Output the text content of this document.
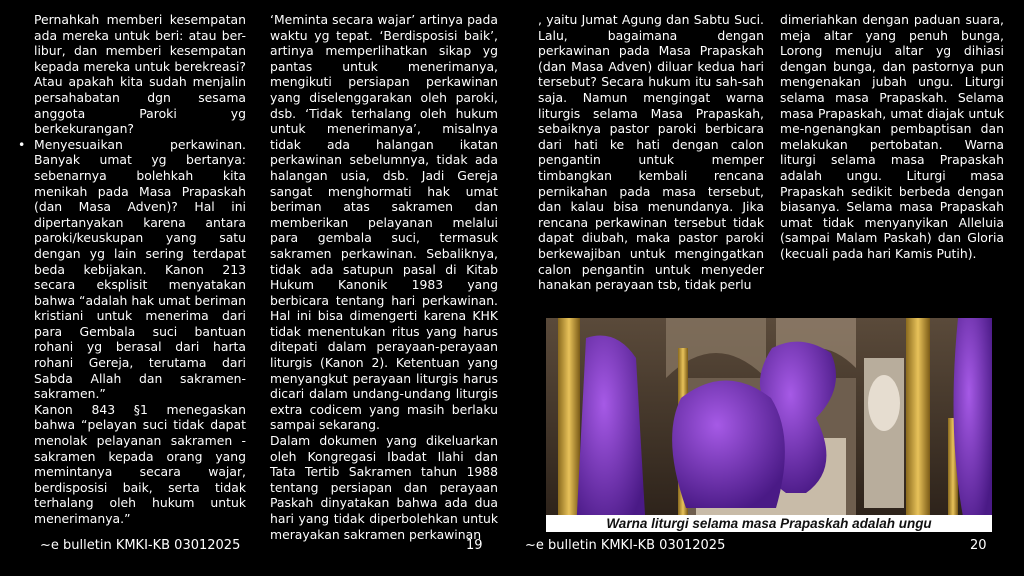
Pernahkah memberi kesempatan ada mereka untuk beri: atau ber-libur, dan memberi kesempatan kepada mereka untuk berekreasi? Atau apakah kita sudah menjalin persahabatan dgn sesama anggota Paroki yg berkekurangan?

• Menyesuaikan perkawinan. Banyak umat yg bertanya: sebenarnya bolehkah kita menikah pada Masa Prapaskah (dan Masa Adven)? Hal ini dipertanyakan karena antara paroki/keuskupan yang satu dengan yg lain sering terdapat beda kebijakan. Kanon 213 secara eksplisit menyatakan bahwa “adalah hak umat beriman kristiani untuk menerima dari para Gembala suci bantuan rohani yg berasal dari harta rohani Gereja, terutama dari Sabda Allah dan sakramen-sakramen.”

Kanon 843 §1 menegaskan bahwa “pelayan suci tidak dapat menolak pelayanan sakramen - sakramen kepada orang yang memintanya secara wajar, berdisposisi baik, serta tidak terhalang oleh hukum untuk menerimanya.”

‘Meminta secara wajar’ artinya pada waktu yg tepat. ‘Berdisposisi baik’, artinya memperlihatkan sikap yg pantas untuk menerimanya, mengikuti persiapan perkawinan yang diselenggarakan oleh paroki, dsb. ‘Tidak terhalang oleh hukum untuk menerimanya’, misalnya tidak ada halangan ikatan perkawinan sebelumnya, tidak ada halangan usia, dsb. Jadi Gereja sangat menghormati hak umat beriman atas sakramen dan memberikan pelayanan melalui para gembala suci, termasuk sakramen perkawinan. Sebaliknya, tidak ada satupun pasal di Kitab Hukum Kanonik 1983 yang berbicara tentang hari perkawinan. Hal ini bisa dimengerti karena KHK tidak menentukan ritus yang harus ditepati dalam perayaan-perayaan liturgis (Kanon 2). Ketentuan yang menyangkut perayaan liturgis harus dicari dalam undang-undang liturgis extra codicem yang masih berlaku sampai sekarang.

Dalam dokumen yang dikeluarkan oleh Kongregasi Ibadat Ilahi dan Tata Tertib Sakramen tahun 1988 tentang persiapan dan perayaan Paskah dinyatakan bahwa ada dua hari yang tidak diperbolehkan untuk merayakan sakramen perkawinan

, yaitu Jumat Agung dan Sabtu Suci. Lalu, bagaimana dengan perkawinan pada Masa Prapaskah (dan Masa Adven) diluar kedua hari tersebut? Secara hukum itu sah-sah saja. Namun mengingat warna liturgis selama Masa Prapaskah, sebaiknya pastor paroki berbicara dari hati ke hati dengan calon pengantin untuk memper timbangkan kembali rencana pernikahan pada masa tersebut, dan kalau bisa menundanya. Jika rencana perkawinan tersebut tidak dapat diubah, maka pastor paroki berkewajiban untuk mengingatkan calon pengantin untuk menyeder hanakan perayaan tsb, tidak perlu

dimeriahkan dengan paduan suara, meja altar yang penuh bunga, Lorong menuju altar yg dihiasi dengan bunga, dan pastornya pun mengenakan jubah ungu. Liturgi selama masa Prapaskah. Selama masa Prapaskah, umat diajak untuk me-ngenangkan pembaptisan dan melakukan pertobatan. Warna liturgi selama masa Prapaskah adalah ungu. Liturgi masa Prapaskah sedikit berbeda dengan biasanya. Selama masa Prapaskah umat tidak menyanyikan Alleluia (sampai Malam Paskah) dan Gloria (kecuali pada hari Kamis Putih).

Warna liturgi selama masa Prapaskah adalah ungu
~e bulletin KMKI-KB 03012025	19	~e bulletin KMKI-KB 03012025	20
